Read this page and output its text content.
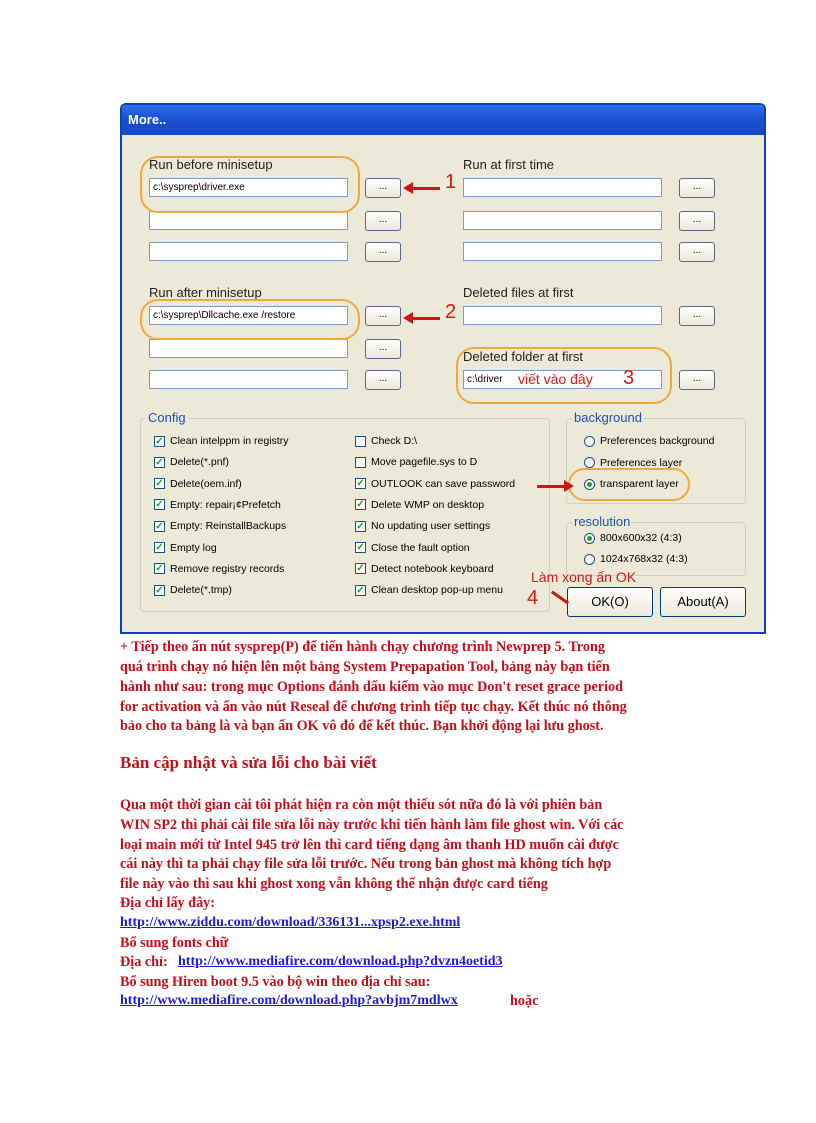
More..
Run before minisetup
c:\sysprep\driver.exe	...
...
...
Run at first time
...
...
...
Run after minisetup
c:\sysprep\Dllcache.exe /restore	...
...
...
Deleted files at first
...
Deleted folder at first
c:\driver	...
Config
✓ Clean intelppm in registry
✓ Delete(*.pnf)
✓ Delete(oem.inf)
✓ Empty: repair¡¢Prefetch
✓ Empty: ReinstallBackups
✓ Empty log
✓ Remove registry records
✓ Delete(*.tmp)
Check D:\
Move pagefile.sys to D
✓ OUTLOOK can save password
✓ Delete WMP on desktop
✓ No updating user settings
✓ Close the fault option
✓ Detect notebook keyboard
✓ Clean desktop pop-up menu
background
Preferences background
Preferences layer
transparent layer
resolution
800x600x32 (4:3)
1024x768x32 (4:3)
OK(O)	About(A)
1
2
viết vào đây 3
Làm xong ấn OK
4
+ Tiếp theo ấn nút sysprep(P) để tiến hành chạy chương trình Newprep 5. Trong
quá trình chạy nó hiện lên một bảng System Prepapation Tool, bảng này bạn tiến
hành như sau: trong mục Options đánh dấu kiểm vào mục Don't reset grace period
for activation và ấn vào nút Reseal để chương trình tiếp tục chạy. Kết thúc nó thông
bảo cho ta bảng là và bạn ấn OK vô đó để kết thúc. Bạn khởi động lại lưu ghost.
Bản cập nhật và sửa lỗi cho bài viết
Qua một thời gian cài tôi phát hiện ra còn một thiếu sót nữa đó là với phiên bản
WIN SP2 thì phải cài file sửa lỗi này trước khi tiến hành làm file ghost win. Với các
loại main mới từ Intel 945 trở lên thì card tiếng dạng âm thanh HD muốn cài được
cái này thì ta phải chạy file sửa lỗi trước. Nếu trong bản ghost mà không tích hợp
file này vào thì sau khi ghost xong vẫn không thể nhận được card tiếng
Địa chỉ lấy đây:
http://www.ziddu.com/download/336131...xpsp2.exe.html
Bổ sung fonts chữ
Địa chỉ: http://www.mediafire.com/download.php?dvzn4oetid3
Bổ sung Hiren boot 9.5 vào bộ win theo địa chỉ sau:
http://www.mediafire.com/download.php?avbjm7mdlwx	hoặc
